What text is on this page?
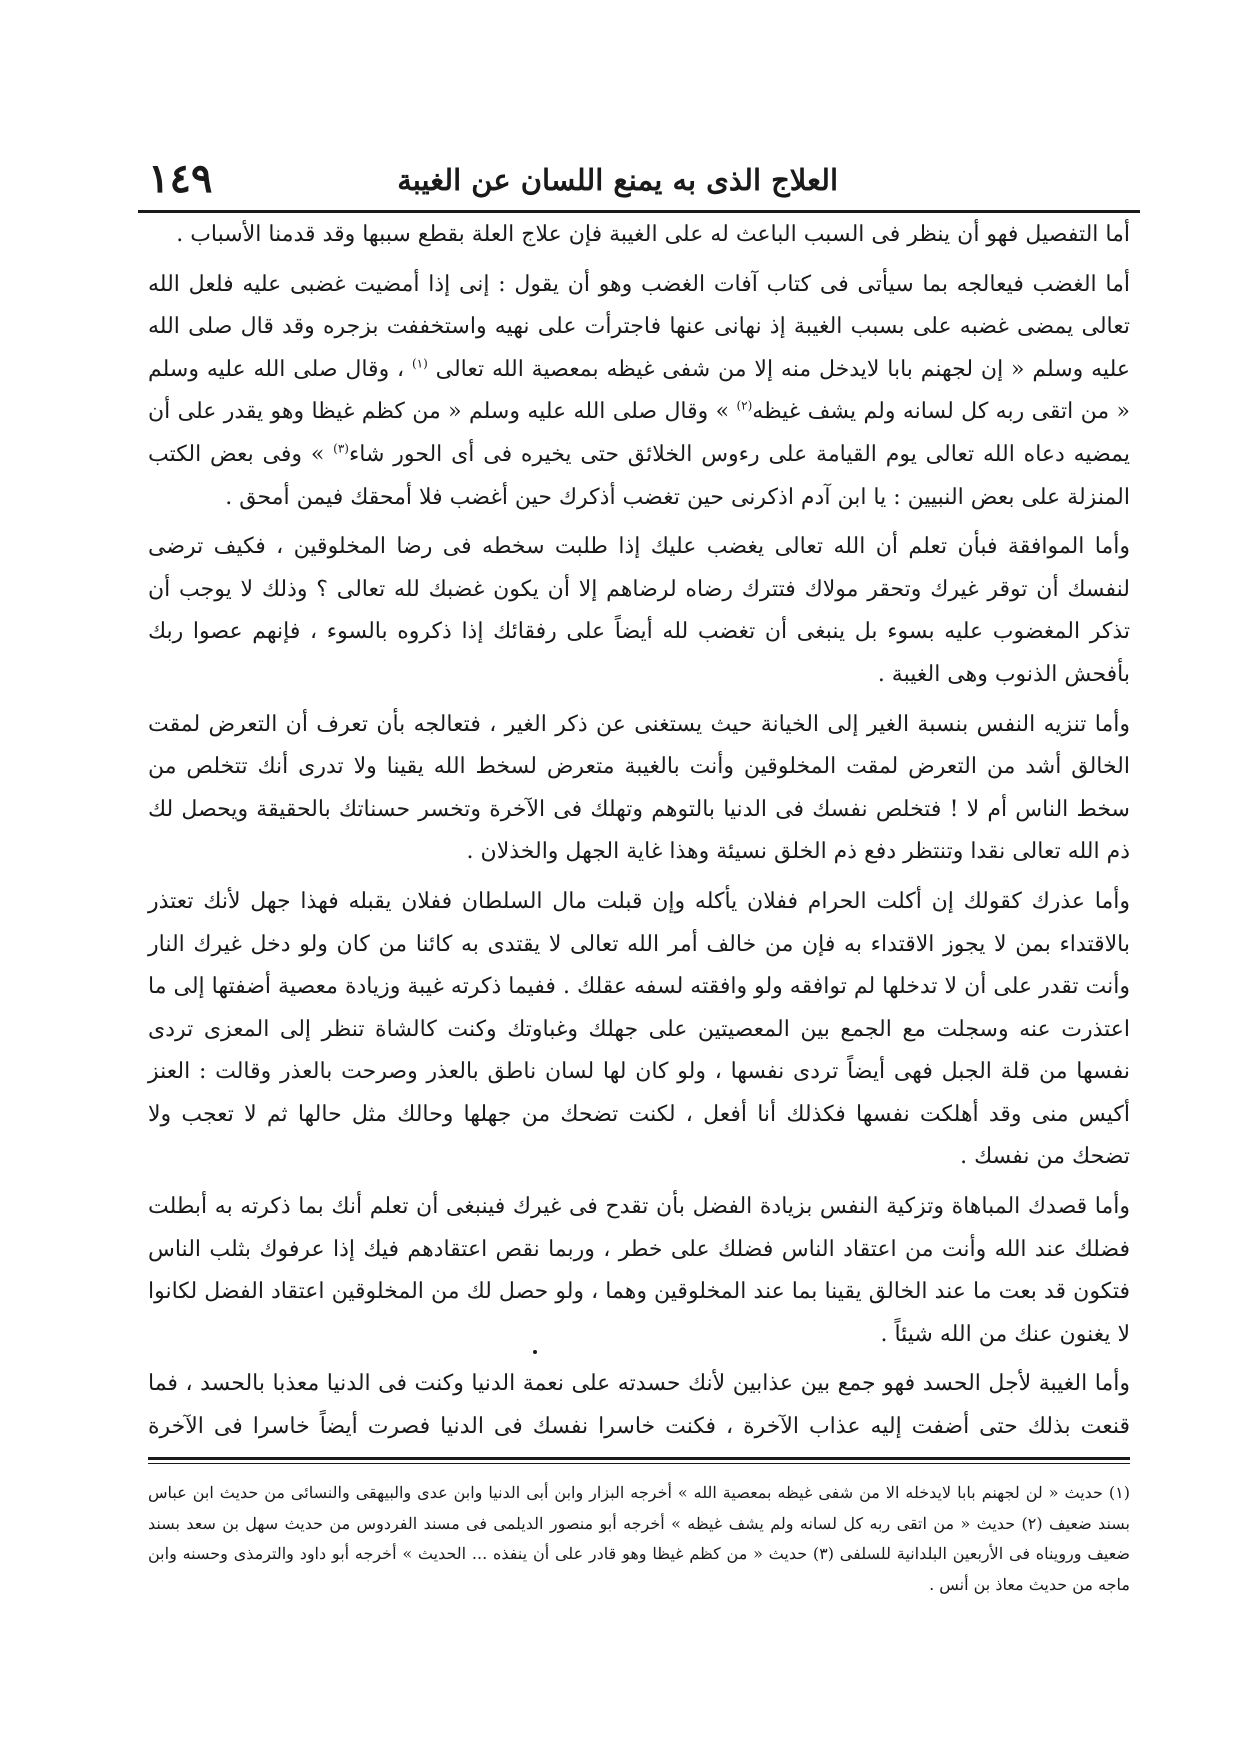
العلاج الذى به يمنع اللسان عن الغيبة
١٤٩

أما التفصيل فهو أن ينظر فى السبب الباعث له على الغيبة فإن علاج العلة بقطع سببها وقد قدمنا الأسباب .

أما الغضب فيعالجه بما سيأتى فى كتاب آفات الغضب وهو أن يقول : إنى إذا أمضيت غضبى عليه فلعل الله تعالى يمضى غضبه على بسبب الغيبة إذ نهانى عنها فاجترأت على نهيه واستخففت بزجره وقد قال صلى الله عليه وسلم « إن لجهنم بابا لايدخل منه إلا من شفى غيظه بمعصية الله تعالى $^{(١)}$ ، وقال صلى الله عليه وسلم « من اتقى ربه كل لسانه ولم يشف غيظه$^{(٢)}$ » وقال صلى الله عليه وسلم « من كظم غيظا وهو يقدر على أن يمضيه دعاه الله تعالى يوم القيامة على رءوس الخلائق حتى يخيره فى أى الحور شاء$^{(٣)}$ » وفى بعض الكتب المنزلة على بعض النبيين : يا ابن آدم اذكرنى حين تغضب أذكرك حين أغضب فلا أمحقك فيمن أمحق .

وأما الموافقة فبأن تعلم أن الله تعالى يغضب عليك إذا طلبت سخطه فى رضا المخلوقين ، فكيف ترضى لنفسك أن توقر غيرك وتحقر مولاك فتترك رضاه لرضاهم إلا أن يكون غضبك لله تعالى ؟ وذلك لا يوجب أن تذكر المغضوب عليه بسوء بل ينبغى أن تغضب لله أيضاً على رفقائك إذا ذكروه بالسوء ، فإنهم عصوا ربك بأفحش الذنوب وهى الغيبة .

وأما تنزيه النفس بنسبة الغير إلى الخيانة حيث يستغنى عن ذكر الغير ، فتعالجه بأن تعرف أن التعرض لمقت الخالق أشد من التعرض لمقت المخلوقين وأنت بالغيبة متعرض لسخط الله يقينا ولا تدرى أنك تتخلص من سخط الناس أم لا ! فتخلص نفسك فى الدنيا بالتوهم وتهلك فى الآخرة وتخسر حسناتك بالحقيقة ويحصل لك ذم الله تعالى نقدا وتنتظر دفع ذم الخلق نسيئة وهذا غاية الجهل والخذلان .

وأما عذرك كقولك إن أكلت الحرام ففلان يأكله وإن قبلت مال السلطان ففلان يقبله فهذا جهل لأنك تعتذر بالاقتداء بمن لا يجوز الاقتداء به فإن من خالف أمر الله تعالى لا يقتدى به كائنا من كان ولو دخل غيرك النار وأنت تقدر على أن لا تدخلها لم توافقه ولو وافقته لسفه عقلك . ففيما ذكرته غيبة وزيادة معصية أضفتها إلى ما اعتذرت عنه وسجلت مع الجمع بين المعصيتين على جهلك وغباوتك وكنت كالشاة تنظر إلى المعزى تردى نفسها من قلة الجبل فهى أيضاً تردى نفسها ، ولو كان لها لسان ناطق بالعذر وصرحت بالعذر وقالت : العنز أكيس منى وقد أهلكت نفسها فكذلك أنا أفعل ، لكنت تضحك من جهلها وحالك مثل حالها ثم لا تعجب ولا تضحك من نفسك .

وأما قصدك المباهاة وتزكية النفس بزيادة الفضل بأن تقدح فى غيرك فينبغى أن تعلم أنك بما ذكرته به أبطلت فضلك عند الله وأنت من اعتقاد الناس فضلك على خطر ، وربما نقص اعتقادهم فيك إذا عرفوك بثلب الناس فتكون قد بعت ما عند الخالق يقينا بما عند المخلوقين وهما ، ولو حصل لك من المخلوقين اعتقاد الفضل لكانوا لا يغنون عنك من الله شيئاً .

وأما الغيبة لأجل الحسد فهو جمع بين عذابين لأنك حسدته على نعمة الدنيا وكنت فى الدنيا معذبا بالحسد ، فما قنعت بذلك حتى أضفت إليه عذاب الآخرة ، فكنت خاسرا نفسك فى الدنيا فصرت أيضاً خاسرا فى الآخرة

(١) حديث « لن لجهنم بابا لايدخله الا من شفى غيظه بمعصية الله » أخرجه البزار وابن أبى الدنيا وابن عدى والبيهقى والنسائى من حديث ابن عباس بسند ضعيف (٢) حديث « من اتقى ربه كل لسانه ولم يشف غيظه » أخرجه أبو منصور الديلمى فى مسند الفردوس من حديث سهل بن سعد بسند ضعيف ورويناه فى الأربعين البلدانية للسلفى (٣) حديث « من كظم غيظا وهو قادر على أن ينفذه ... الحديث » أخرجه أبو داود والترمذى وحسنه وابن ماجه من حديث معاذ بن أنس .
